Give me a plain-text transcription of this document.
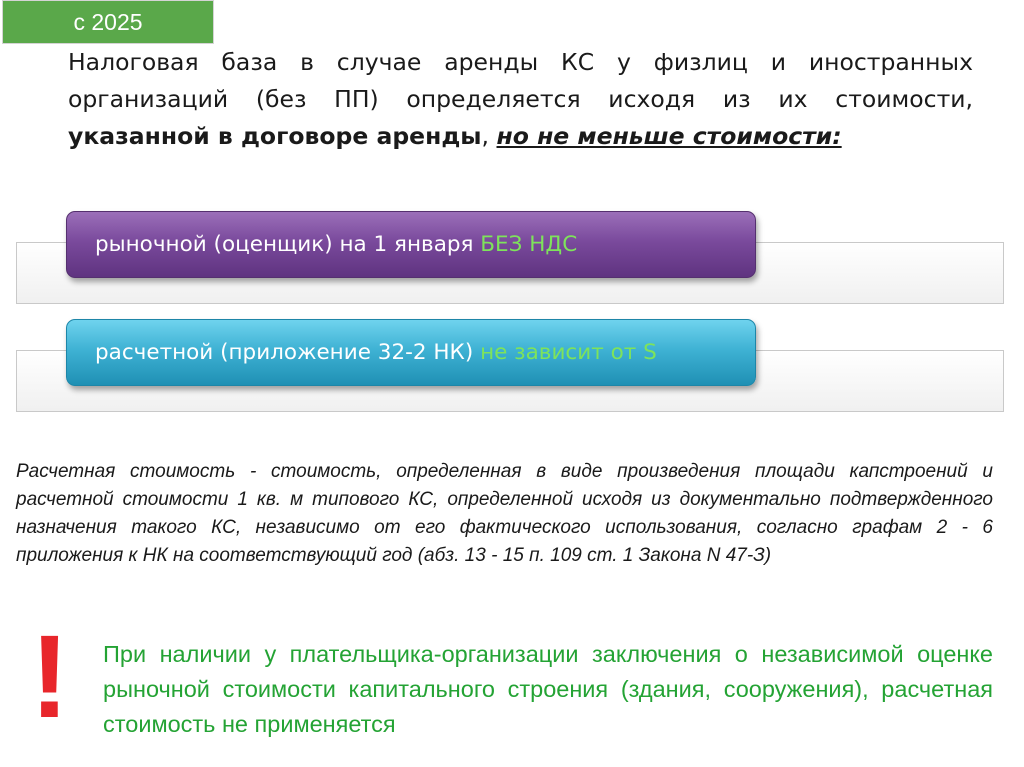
с 2025

Налоговая база в случае аренды КС у физлиц и иностранных организаций (без ПП) определяется исходя из их стоимости, указанной в договоре аренды, но не меньше стоимости:

рыночной (оценщик) на 1 января
БЕЗ НДС
расчетной (приложение 32-2 НК)
не зависит от S

Расчетная стоимость - стоимость, определенная в виде произведения площади капстроений и расчетной стоимости 1 кв. м типового КС, определенной исходя из документально подтвержденного назначения такого КС, независимо от его фактического использования, согласно графам 2 - 6 приложения к НК на соответствующий год (абз. 13 - 15 п. 109 ст. 1 Закона N 47-З)

! При наличии у плательщика-организации заключения о независимой оценке рыночной стоимости капитального строения (здания, сооружения), расчетная стоимость не применяется
